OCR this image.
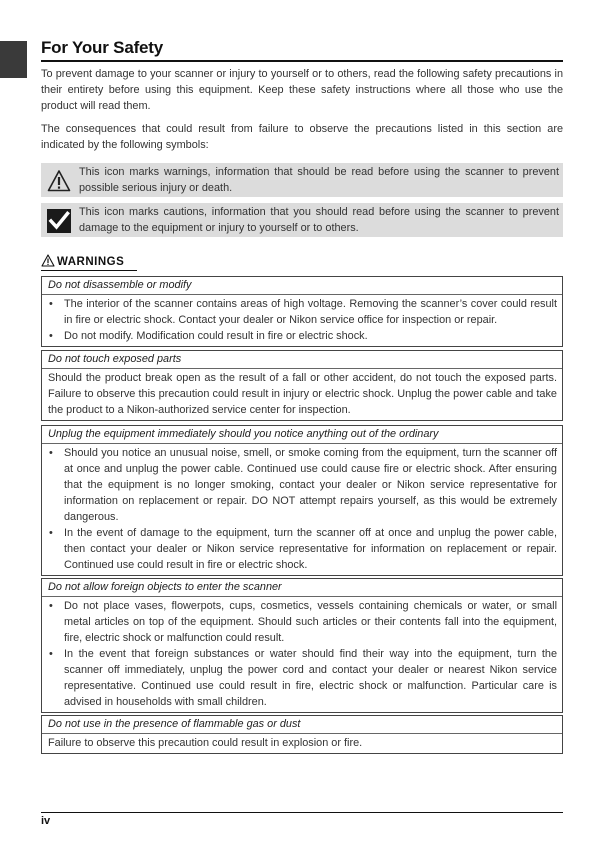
For Your Safety
To prevent damage to your scanner or injury to yourself or to others, read the following safety precautions in their entirety before using this equipment. Keep these safety instructions where all those who use the product will read them.
The consequences that could result from failure to observe the precautions listed in this section are indicated by the following symbols:
This icon marks warnings, information that should be read before using the scanner to prevent possible serious injury or death.
This icon marks cautions, information that you should read before using the scanner to prevent damage to the equipment or injury to yourself or to others.
WARNINGS
Do not disassemble or modify
• The interior of the scanner contains areas of high voltage. Removing the scanner’s cover could result in fire or electric shock. Contact your dealer or Nikon service office for inspection or repair.
• Do not modify. Modification could result in fire or electric shock.
Do not touch exposed parts
Should the product break open as the result of a fall or other accident, do not touch the exposed parts. Failure to observe this precaution could result in injury or electric shock. Unplug the power cable and take the product to a Nikon-authorized service center for inspection.
Unplug the equipment immediately should you notice anything out of the ordinary
• Should you notice an unusual noise, smell, or smoke coming from the equipment, turn the scanner off at once and unplug the power cable. Continued use could cause fire or electric shock. After ensuring that the equipment is no longer smoking, contact your dealer or Nikon service representative for information on replacement or repair. DO NOT attempt repairs yourself, as this would be extremely dangerous.
• In the event of damage to the equipment, turn the scanner off at once and unplug the power cable, then contact your dealer or Nikon service representative for information on replacement or repair. Continued use could result in fire or electric shock.
Do not allow foreign objects to enter the scanner
• Do not place vases, flowerpots, cups, cosmetics, vessels containing chemicals or water, or small metal articles on top of the equipment. Should such articles or their contents fall into the equipment, fire, electric shock or malfunction could result.
• In the event that foreign substances or water should find their way into the equipment, turn the scanner off immediately, unplug the power cord and contact your dealer or nearest Nikon service representative. Continued use could result in fire, electric shock or malfunction. Particular care is advised in households with small children.
Do not use in the presence of flammable gas or dust
Failure to observe this precaution could result in explosion or fire.
iv
